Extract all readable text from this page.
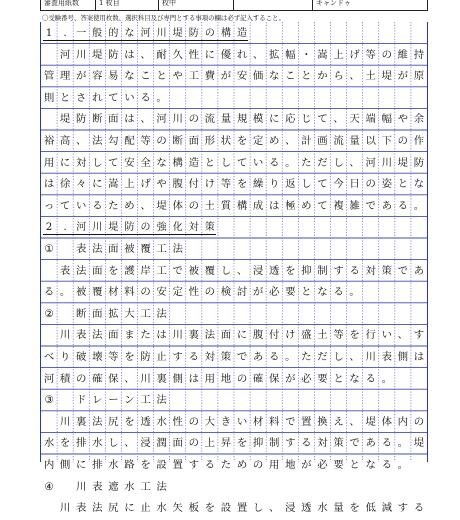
審査用紙数	1 枚目	枚中	キャンドゥ
〇受験番号、答案使用枚数、選択科目及び専門とする事項の欄は必ず記入すること。
1	. 一 般 的 な 河 川 堤 防 の 構 造

河 川 堤 防 は 、 耐 久 性 に 優 れ 、 拡 幅 ・ 嵩 上 げ 等 の 維 持
管 理 が 容 易 な こ と や 工 費 が 安 価 な こ と か ら 、 土 堤 が 原
則 と さ れ て い る 。

堤 防 断 面 は 、 河 川 の 流 量 規 模 に 応 じ て 、 天 端 幅 や 余
裕 高 、 法 勾 配 等 の 断 面 形 状 を 定 め 、 計 画 流 量 以 下 の 作
用 に 対 し て 安 全 な 構 造 と し て い る 。 た だ し 、 河 川 堤 防
は 徐 々 に 嵩 上 げ や 腹 付 け 等 を 繰 り 返 し て 今 日 の 姿 と な
っ て い る た め 、 堤 体 の 土 質 構 成 は 極 め て 複 雑 で あ る 。
2	. 河 川 堤 防 の 強 化 対 策
①
　	表 法 面 被 覆 工 法

表 法 面 を 護 岸 工 で 被 覆 し 、 浸 透 を 抑 制 す る 対 策 で あ
る 。 被 覆 材 料 の 安 定 性 の 検 討 が 必 要 と な る 。
②
　	断 面 拡 大 工 法

川 表 法 面 ま た は 川 裏 法 面 に 腹 付 け 盛 土 等 を 行 い 、 す
べ り 破 壊 等 を 防 止 す る 対 策 で あ る 。 た だ し 、 川 表 側 は
河 積 の 確 保 、 川 裏 側 は 用 地 の 確 保 が 必 要 と な る 。
③
　	ド レ ー ン 工 法

川 裏 法 尻 を 透 水 性 の 大 き い 材 料 で 置 換 え 、 堤 体 内 の
水 を 排 水 し 、 浸 潤 面 の 上 昇 を 抑 制 す る 対 策 で あ る 。 堤
内 側 に 排 水 路 を 設 置 す る た め の 用 地 が 必 要 と な る 。
④
　	川 表 遮 水 工 法

川 表 法 尻 に 止 水 矢 板 を 設 置 し 、 浸 透 水 量 を 低 減 す る
